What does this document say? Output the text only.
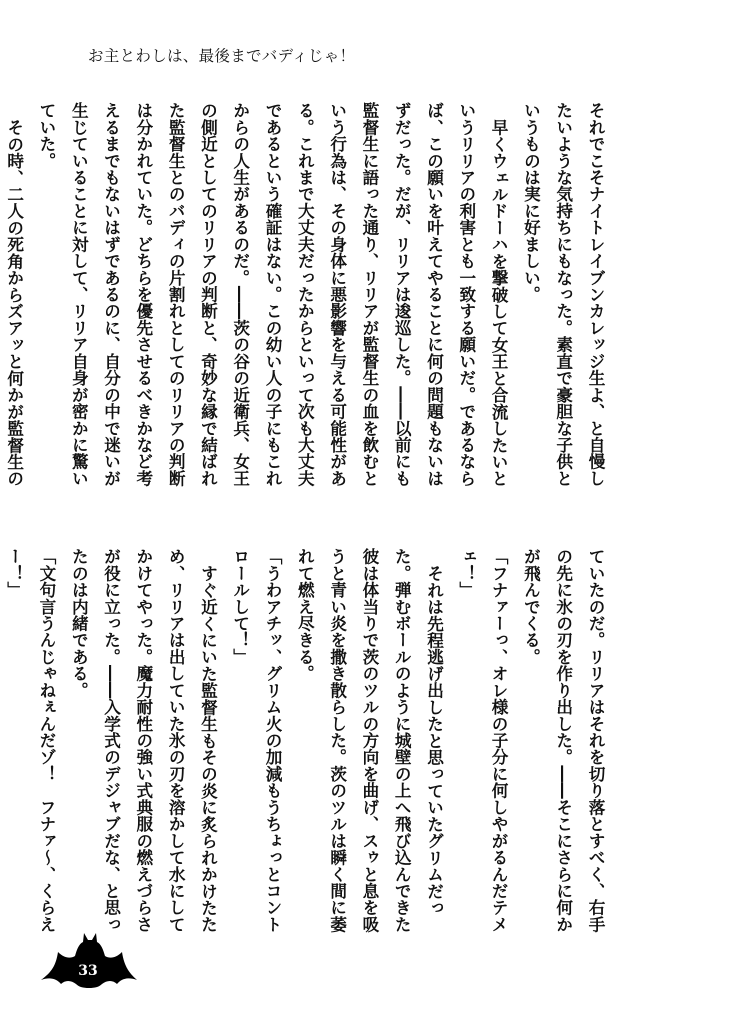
お主とわしは、最後までバディじゃ！

それでこそナイトレイブンカレッジ生よ、と自慢したいような気持ちにもなった。素直で豪胆な子供というものは実に好ましい。

早くウェルドーハを撃破して女王と合流したいというリリアの利害とも一致する願いだ。であるならば、この願いを叶えてやることに何の問題もないはずだった。だが、リリアは逡巡した。――以前にも監督生に語った通り、リリアが監督生の血を飲むという行為は、その身体に悪影響を与える可能性がある。これまで大丈夫だったからといって次も大丈夫であるという確証はない。この幼い人の子にもこれからの人生があるのだ。――茨の谷の近衛兵、女王の側近としてのリリアの判断と、奇妙な縁で結ばれた監督生とのバディの片割れとしてのリリアの判断は分かれていた。どちらを優先させるべきかなど考えるまでもないはずであるのに、自分の中で迷いが生じていることに対して、リリア自身が密かに驚いていた。

その時、二人の死角からズアッと何かが監督生の

ていたのだ。リリアはそれを切り落とすべく、右手の先に氷の刃を作り出した。――そこにさらに何かが飛んでくる。

「フナァーっ、オレ様の子分に何しやがるんだテメェ！」

それは先程逃げ出したと思っていたグリムだった。弾むボールのように城壁の上へ飛び込んできた彼は体当りで茨のツルの方向を曲げ、スゥと息を吸うと青い炎を撒き散らした。茨のツルは瞬く間に萎れて燃え尽きる。

「うわアチッ、グリム火の加減もうちょっとコントロールして！」

すぐ近くにいた監督生もその炎に炙られかけたため、リリアは出していた氷の刃を溶かして水にしてかけてやった。魔力耐性の強い式典服の燃えづらさが役に立った。――入学式のデジャブだな、と思ったのは内緒である。

「文句言うんじゃねぇんだゾ！　フナァ〜、くらえー！」

33
